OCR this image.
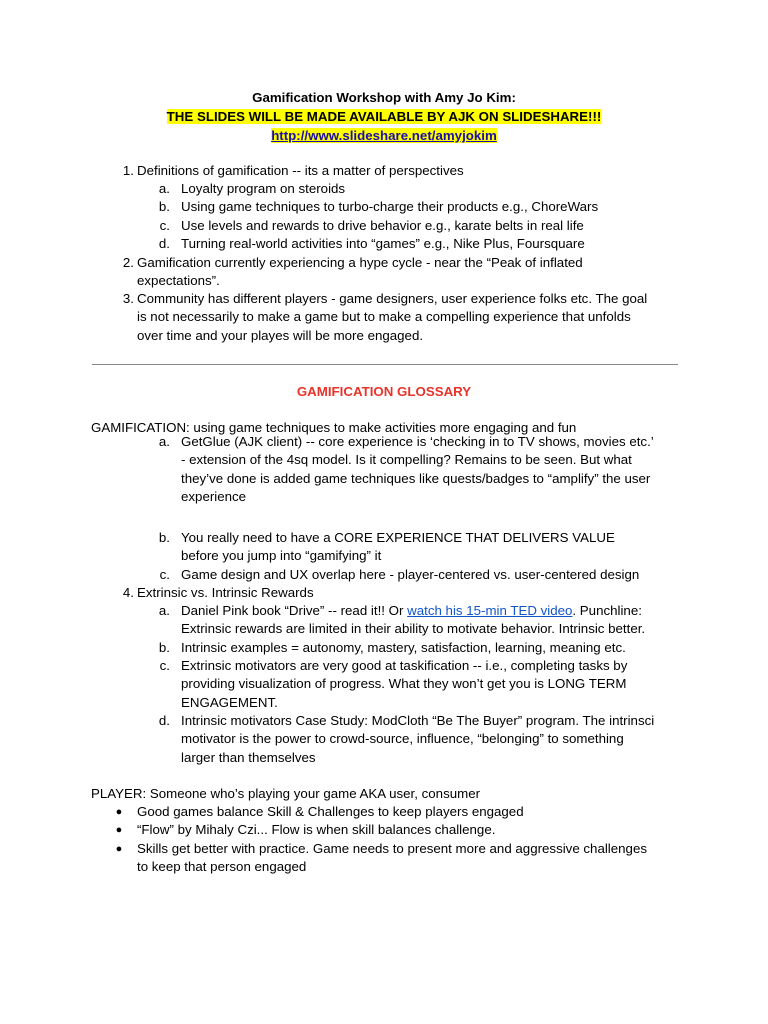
Gamification Workshop with Amy Jo Kim:
THE SLIDES WILL BE MADE AVAILABLE BY AJK ON SLIDESHARE!!!
http://www.slideshare.net/amyjokim
1. Definitions of gamification -- its a matter of perspectives
a. Loyalty program on steroids
b. Using game techniques to turbo-charge their products e.g., ChoreWars
c. Use levels and rewards to drive behavior e.g., karate belts in real life
d. Turning real-world activities into “games” e.g., Nike Plus, Foursquare
2. Gamification currently experiencing a hype cycle - near the “Peak of inflated
expectations”.
3. Community has different players - game designers, user experience folks etc. The goal
is not necessarily to make a game but to make a compelling experience that unfolds
over time and your playes will be more engaged.
GAMIFICATION GLOSSARY
GAMIFICATION: using game techniques to make activities more engaging and fun
a. GetGlue (AJK client) -- core experience is ‘checking in to TV shows, movies etc.’
- extension of the 4sq model. Is it compelling? Remains to be seen. But what
they’ve done is added game techniques like quests/badges to “amplify” the user
experience
b. You really need to have a CORE EXPERIENCE THAT DELIVERS VALUE
before you jump into “gamifying” it
c. Game design and UX overlap here - player-centered vs. user-centered design
4. Extrinsic vs. Intrinsic Rewards
a. Daniel Pink book “Drive” -- read it!! Or watch his 15-min TED video. Punchline:
Extrinsic rewards are limited in their ability to motivate behavior. Intrinsic better.
b. Intrinsic examples = autonomy, mastery, satisfaction, learning, meaning etc.
c. Extrinsic motivators are very good at taskification -- i.e., completing tasks by
providing visualization of progress. What they won’t get you is LONG TERM
ENGAGEMENT.
d. Intrinsic motivators Case Study: ModCloth “Be The Buyer” program. The intrinsci
motivator is the power to crowd-source, influence, “belonging” to something
larger than themselves
PLAYER: Someone who’s playing your game AKA user, consumer
●	Good games balance Skill & Challenges to keep players engaged
●	“Flow” by Mihaly Czi... Flow is when skill balances challenge.
●	Skills get better with practice. Game needs to present more and aggressive challenges
to keep that person engaged
